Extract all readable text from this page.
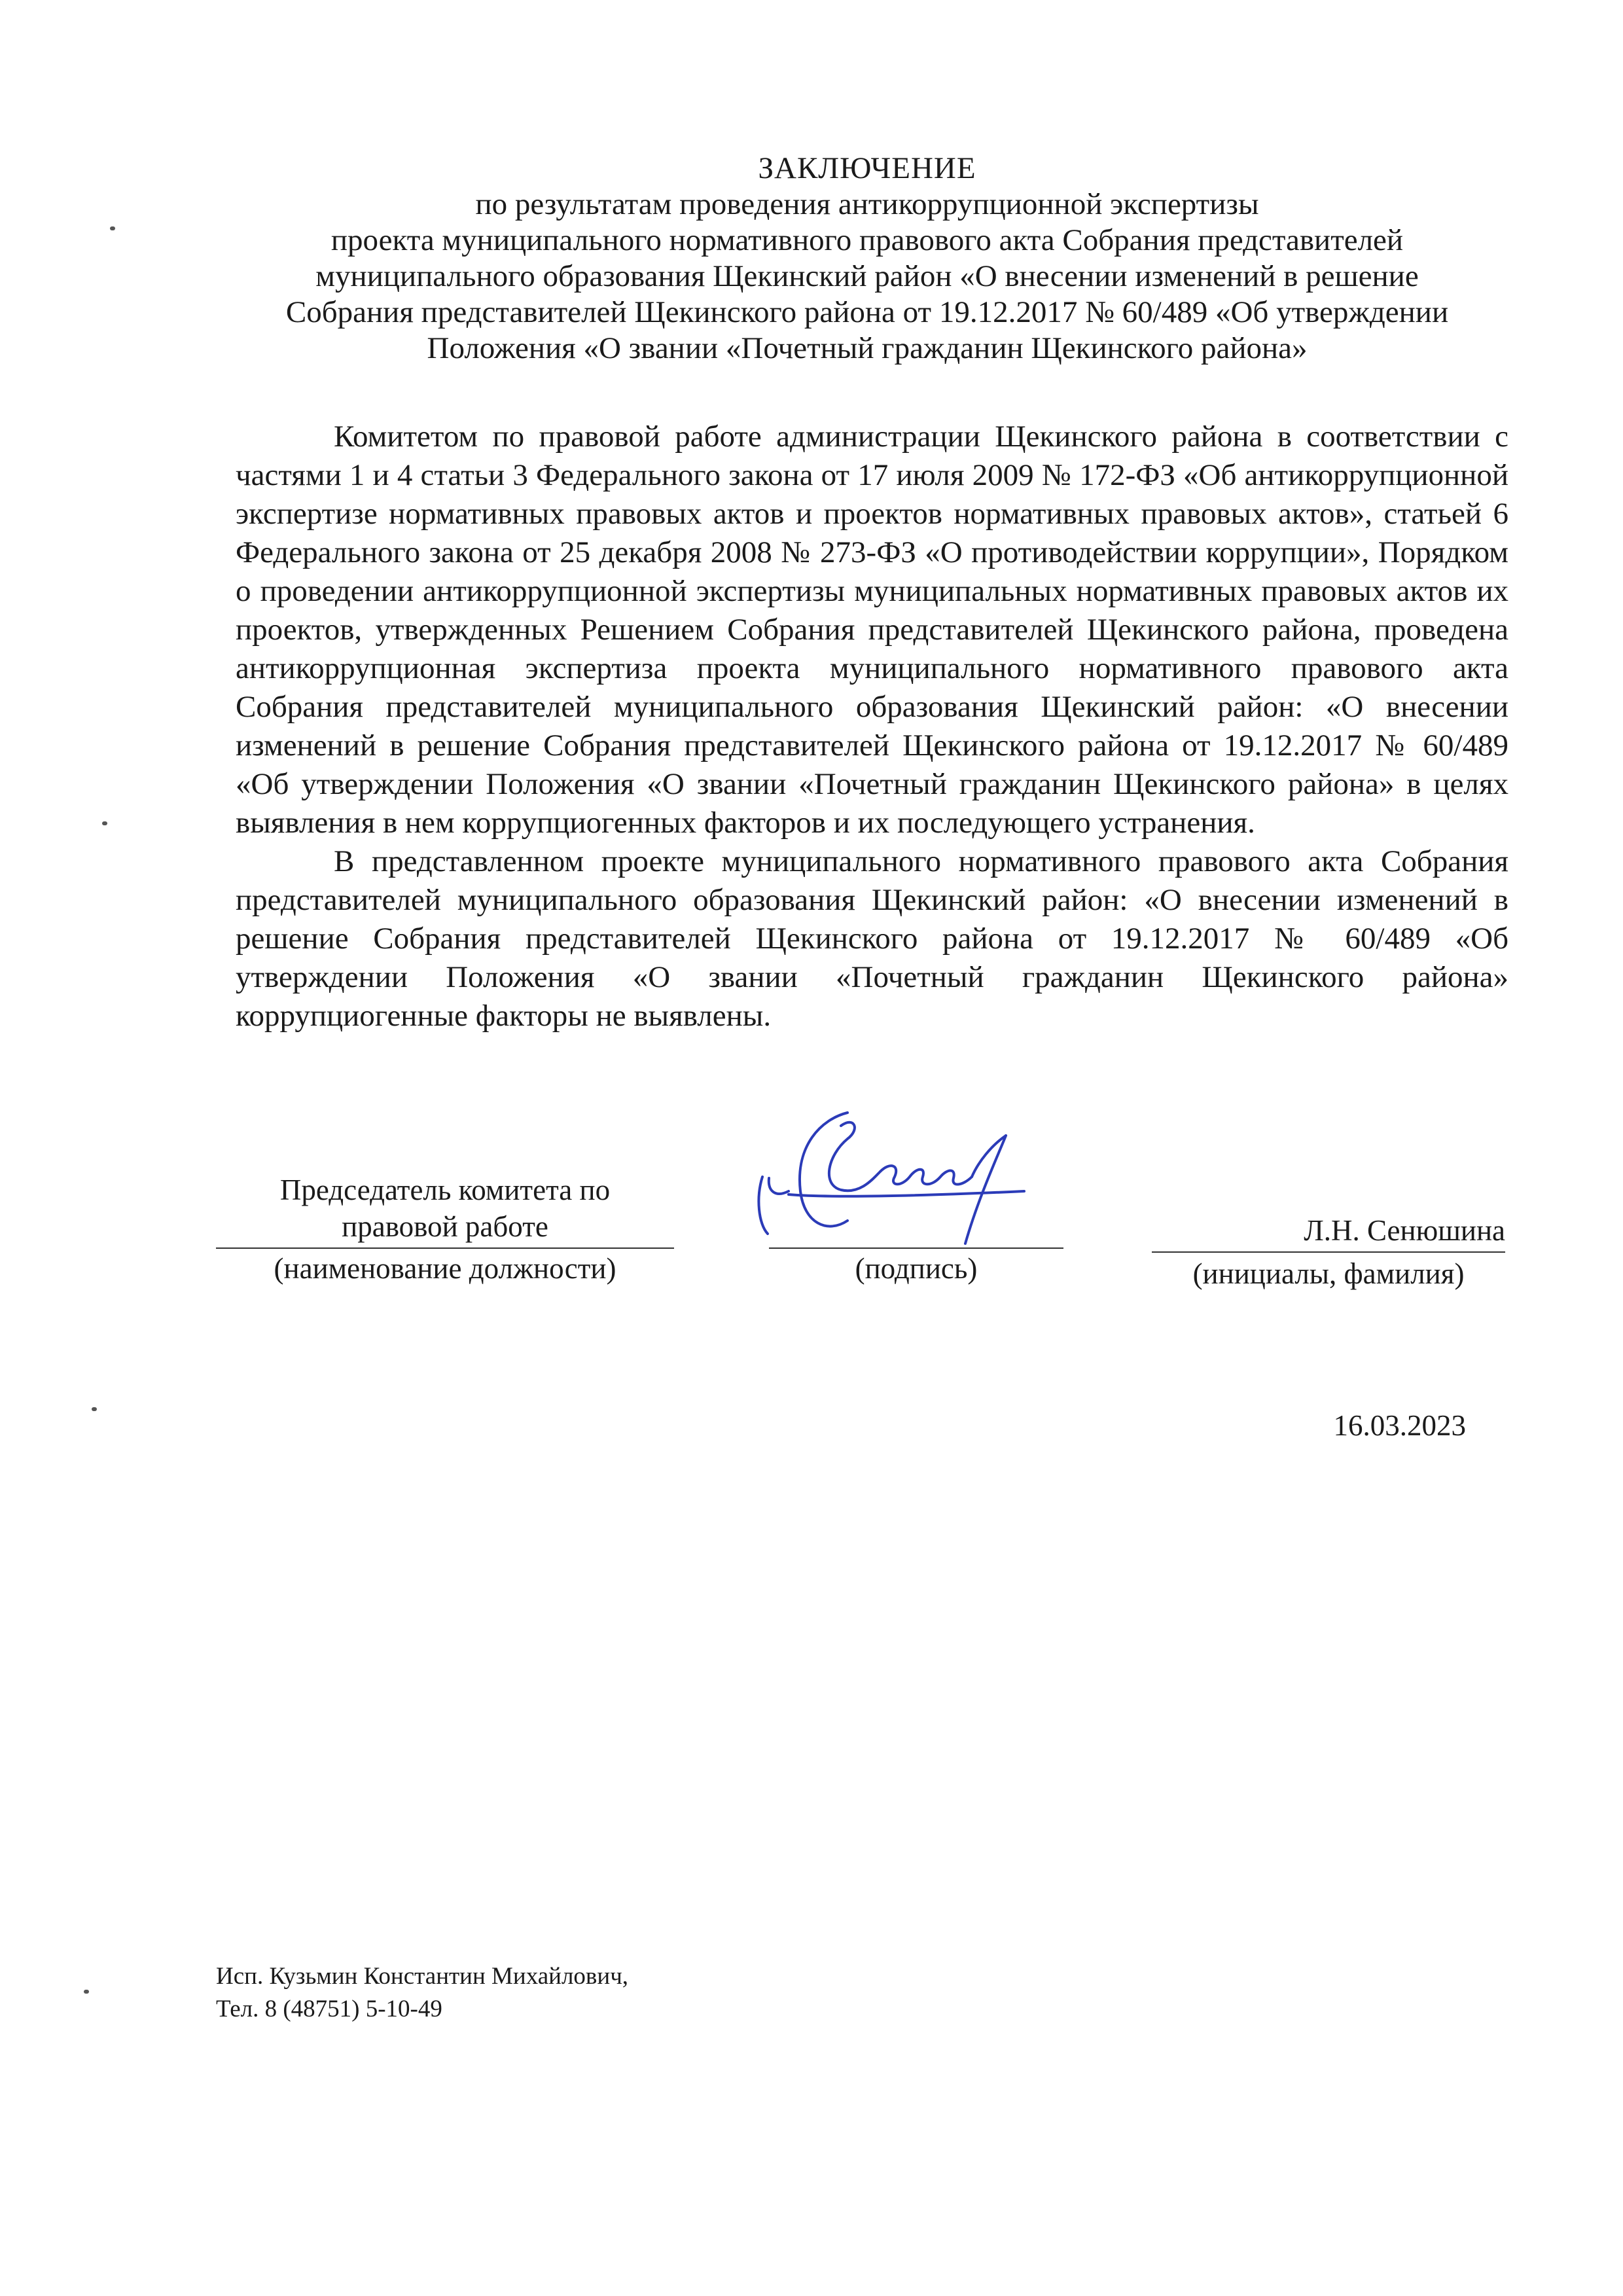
ЗАКЛЮЧЕНИЕ
по результатам проведения антикоррупционной экспертизы
проекта муниципального нормативного правового акта Собрания представителей
муниципального образования Щекинский район «О внесении изменений в решение
Собрания представителей Щекинского района от 19.12.2017 № 60/489 «Об утверждении
Положения «О звании «Почетный гражданин Щекинского района»

Комитетом по правовой работе администрации Щекинского района в соответствии с частями 1 и 4 статьи 3 Федерального закона от 17 июля 2009 № 172-ФЗ «Об антикоррупционной экспертизе нормативных правовых актов и проектов нормативных правовых актов», статьей 6 Федерального закона от 25 декабря 2008 № 273-ФЗ «О противодействии коррупции», Порядком о проведении антикоррупционной экспертизы муниципальных нормативных правовых актов их проектов, утвержденных Решением Собрания представителей Щекинского района, проведена антикоррупционная экспертиза проекта муниципального нормативного правового акта Собрания представителей муниципального образования Щекинский район: «О внесении изменений в решение Собрания представителей Щекинского района от 19.12.2017 № 60/489 «Об утверждении Положения «О звании «Почетный гражданин Щекинского района» в целях выявления в нем коррупциогенных факторов и их последующего устранения.

В представленном проекте муниципального нормативного правового акта Собрания представителей муниципального образования Щекинский район: «О внесении изменений в решение Собрания представителей Щекинского района от 19.12.2017 № 60/489 «Об утверждении Положения «О звании «Почетный гражданин Щекинского района» коррупциогенные факторы не выявлены.

Председатель комитета по
правовой работе
(наименование должности)	(подпись)
Л.Н. Сенюшина
(инициалы, фамилия)
16.03.2023
Исп. Кузьмин Константин Михайлович,
Тел. 8 (48751) 5-10-49
